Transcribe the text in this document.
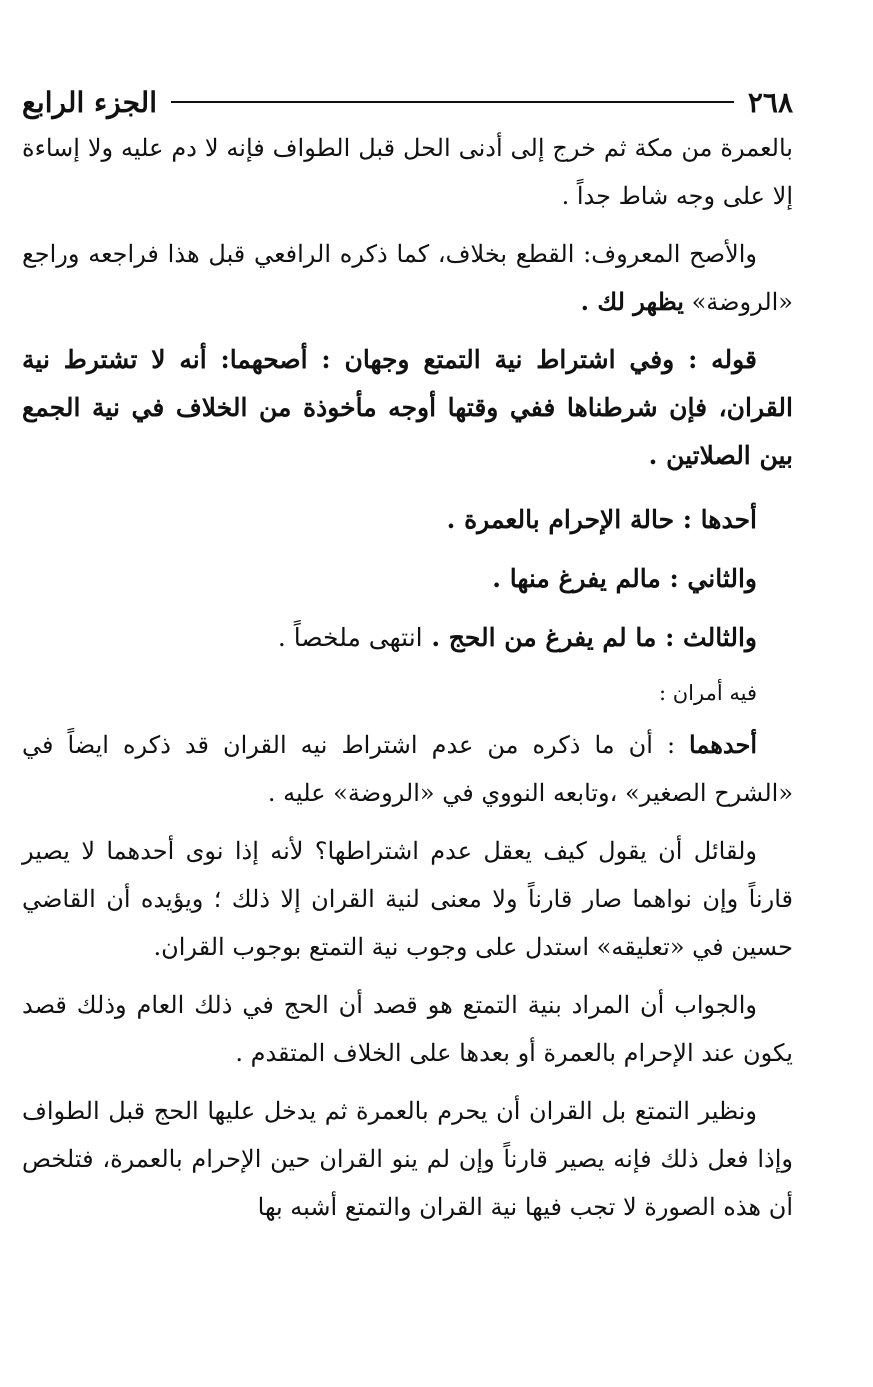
٢٦٨
الجزء الرابع

بالعمرة من مكة ثم خرج إلى أدنى الحل قبل الطواف فإنه لا دم عليه ولا إساءة إلا على وجه شاط جداً .

والأصح المعروف: القطع بخلاف، كما ذكره الرافعي قبل هذا فراجعه وراجع «الروضة» يظهر لك .

قوله : وفي اشتراط نية التمتع وجهان : أصحهما: أنه لا تشترط نية القران، فإن شرطناها ففي وقتها أوجه مأخوذة من الخلاف في نية الجمع بين الصلاتين .

أحدها : حالة الإحرام بالعمرة .

والثاني : مالم يفرغ منها .

والثالث : ما لم يفرغ من الحج . انتهى ملخصاً .

فيه أمران :

أحدهما : أن ما ذكره من عدم اشتراط نيه القران قد ذكره ايضاً في «الشرح الصغير» ،وتابعه النووي في «الروضة» عليه .

ولقائل أن يقول كيف يعقل عدم اشتراطها؟ لأنه إذا نوى أحدهما لا يصير قارناً وإن نواهما صار قارناً ولا معنى لنية القران إلا ذلك ؛ ويؤيده أن القاضي حسين في «تعليقه» استدل على وجوب نية التمتع بوجوب القران.

والجواب أن المراد بنية التمتع هو قصد أن الحج في ذلك العام وذلك قصد يكون عند الإحرام بالعمرة أو بعدها على الخلاف المتقدم .

ونظير التمتع بل القران أن يحرم بالعمرة ثم يدخل عليها الحج قبل الطواف وإذا فعل ذلك فإنه يصير قارناً وإن لم ينو القران حين الإحرام بالعمرة، فتلخص أن هذه الصورة لا تجب فيها نية القران والتمتع أشبه بها
